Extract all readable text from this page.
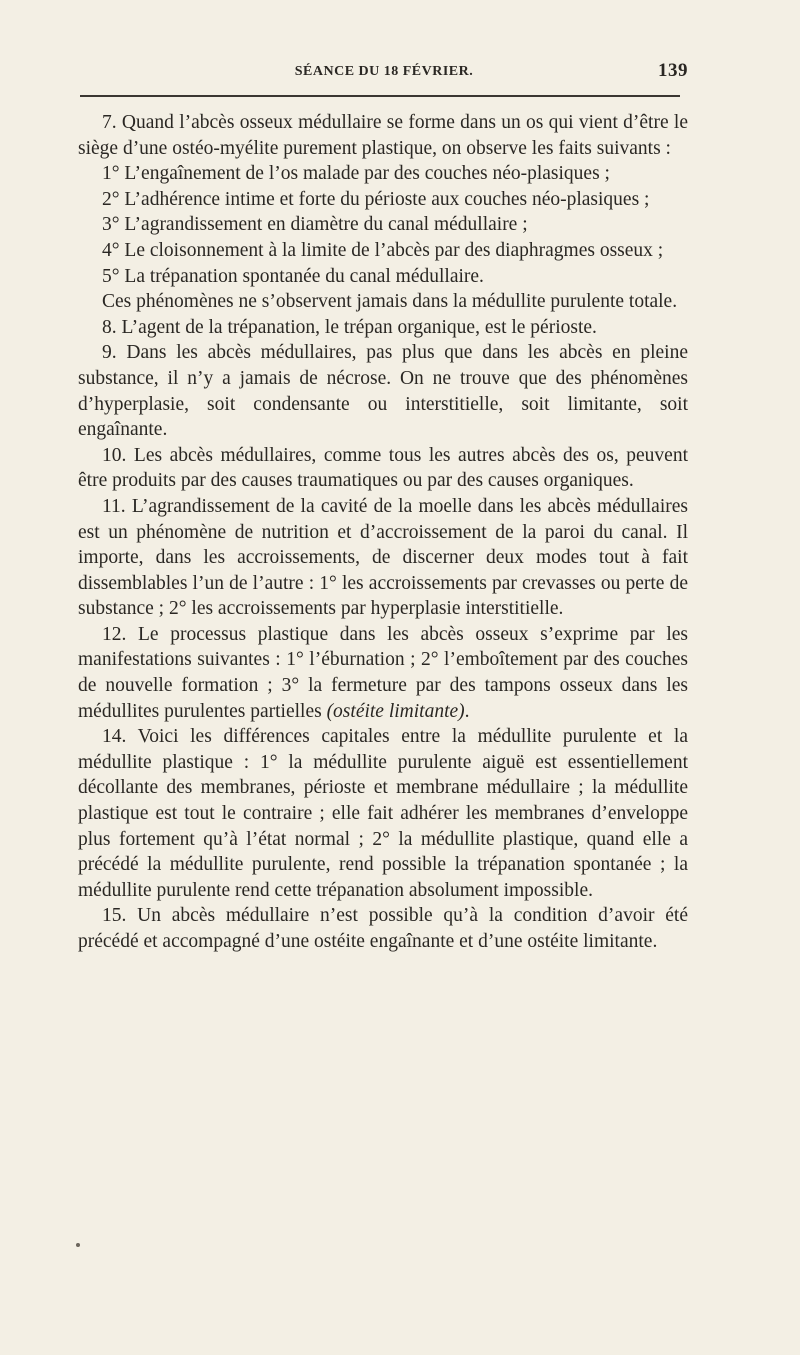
SÉANCE DU 18 FÉVRIER.	139

7. Quand l’abcès osseux médullaire se forme dans un os qui vient d’être le siège d’une ostéo-myélite purement plastique, on observe les faits suivants :

1° L’engaînement de l’os malade par des couches néo-plasiques ;

2° L’adhérence intime et forte du périoste aux couches néo-plasiques ;

3° L’agrandissement en diamètre du canal médullaire ;

4° Le cloisonnement à la limite de l’abcès par des diaphragmes osseux ;

5° La trépanation spontanée du canal médullaire.

Ces phénomènes ne s’observent jamais dans la médullite purulente totale.

8. L’agent de la trépanation, le trépan organique, est le périoste.

9. Dans les abcès médullaires, pas plus que dans les abcès en pleine substance, il n’y a jamais de nécrose. On ne trouve que des phénomènes d’hyperplasie, soit condensante ou interstitielle, soit limitante, soit engaînante.

10. Les abcès médullaires, comme tous les autres abcès des os, peuvent être produits par des causes traumatiques ou par des causes organiques.

11. L’agrandissement de la cavité de la moelle dans les abcès médullaires est un phénomène de nutrition et d’accroissement de la paroi du canal. Il importe, dans les accroissements, de discerner deux modes tout à fait dissemblables l’un de l’autre : 1° les accroissements par crevasses ou perte de substance ; 2° les accroissements par hyperplasie interstitielle.

12. Le processus plastique dans les abcès osseux s’exprime par les manifestations suivantes : 1° l’éburnation ; 2° l’emboîtement par des couches de nouvelle formation ; 3° la fermeture par des tampons osseux dans les médullites purulentes partielles (ostéite limitante).

14. Voici les différences capitales entre la médullite purulente et la médullite plastique : 1° la médullite purulente aiguë est essentiellement décollante des membranes, périoste et membrane médullaire ; la médullite plastique est tout le contraire ; elle fait adhérer les membranes d’enveloppe plus fortement qu’à l’état normal ; 2° la médullite plastique, quand elle a précédé la médullite purulente, rend possible la trépanation spontanée ; la médullite purulente rend cette trépanation absolument impossible.

15. Un abcès médullaire n’est possible qu’à la condition d’avoir été précédé et accompagné d’une ostéite engaînante et d’une ostéite limitante.
